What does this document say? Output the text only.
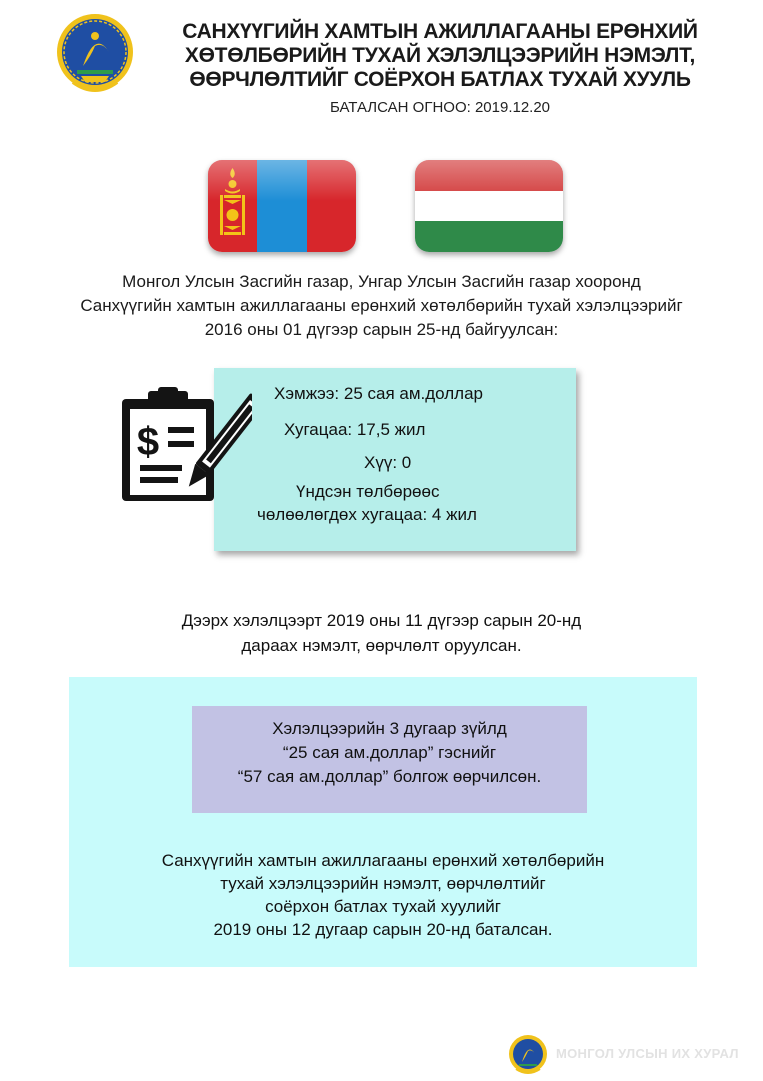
САНХҮҮГИЙН ХАМТЫН АЖИЛЛАГААНЫ ЕРӨНХИЙ
ХӨТӨЛБӨРИЙН ТУХАЙ ХЭЛЭЛЦЭЭРИЙН НЭМЭЛТ,
ӨӨРЧЛӨЛТИЙГ СОЁРХОН БАТЛАХ ТУХАЙ ХУУЛЬ
БАТАЛСАН ОГНОО: 2019.12.20
Монгол Улсын Засгийн газар, Унгар Улсын Засгийн газар хооронд
Санхүүгийн хамтын ажиллагааны ерөнхий хөтөлбөрийн тухай хэлэлцээрийг
2016 оны 01 дүгээр сарын 25-нд байгуулсан:
Хэмжээ: 25 сая ам.доллар
Хугацаа: 17,5 жил
Хүү: 0
Үндсэн төлбөрөөс
чөлөөлөгдөх хугацаа: 4 жил
$
Дээрх хэлэлцээрт 2019 оны 11 дүгээр сарын 20-нд
дараах нэмэлт, өөрчлөлт оруулсан.
Хэлэлцээрийн 3 дугаар зүйлд
“25 сая ам.доллар” гэснийг
“57 сая ам.доллар” болгож өөрчилсөн.
Санхүүгийн хамтын ажиллагааны ерөнхий хөтөлбөрийн
тухай хэлэлцээрийн нэмэлт, өөрчлөлтийг
соёрхон батлах тухай хуулийг
2019 оны 12 дугаар сарын 20-нд баталсан.
МОНГОЛ УЛСЫН ИХ ХУРАЛ
